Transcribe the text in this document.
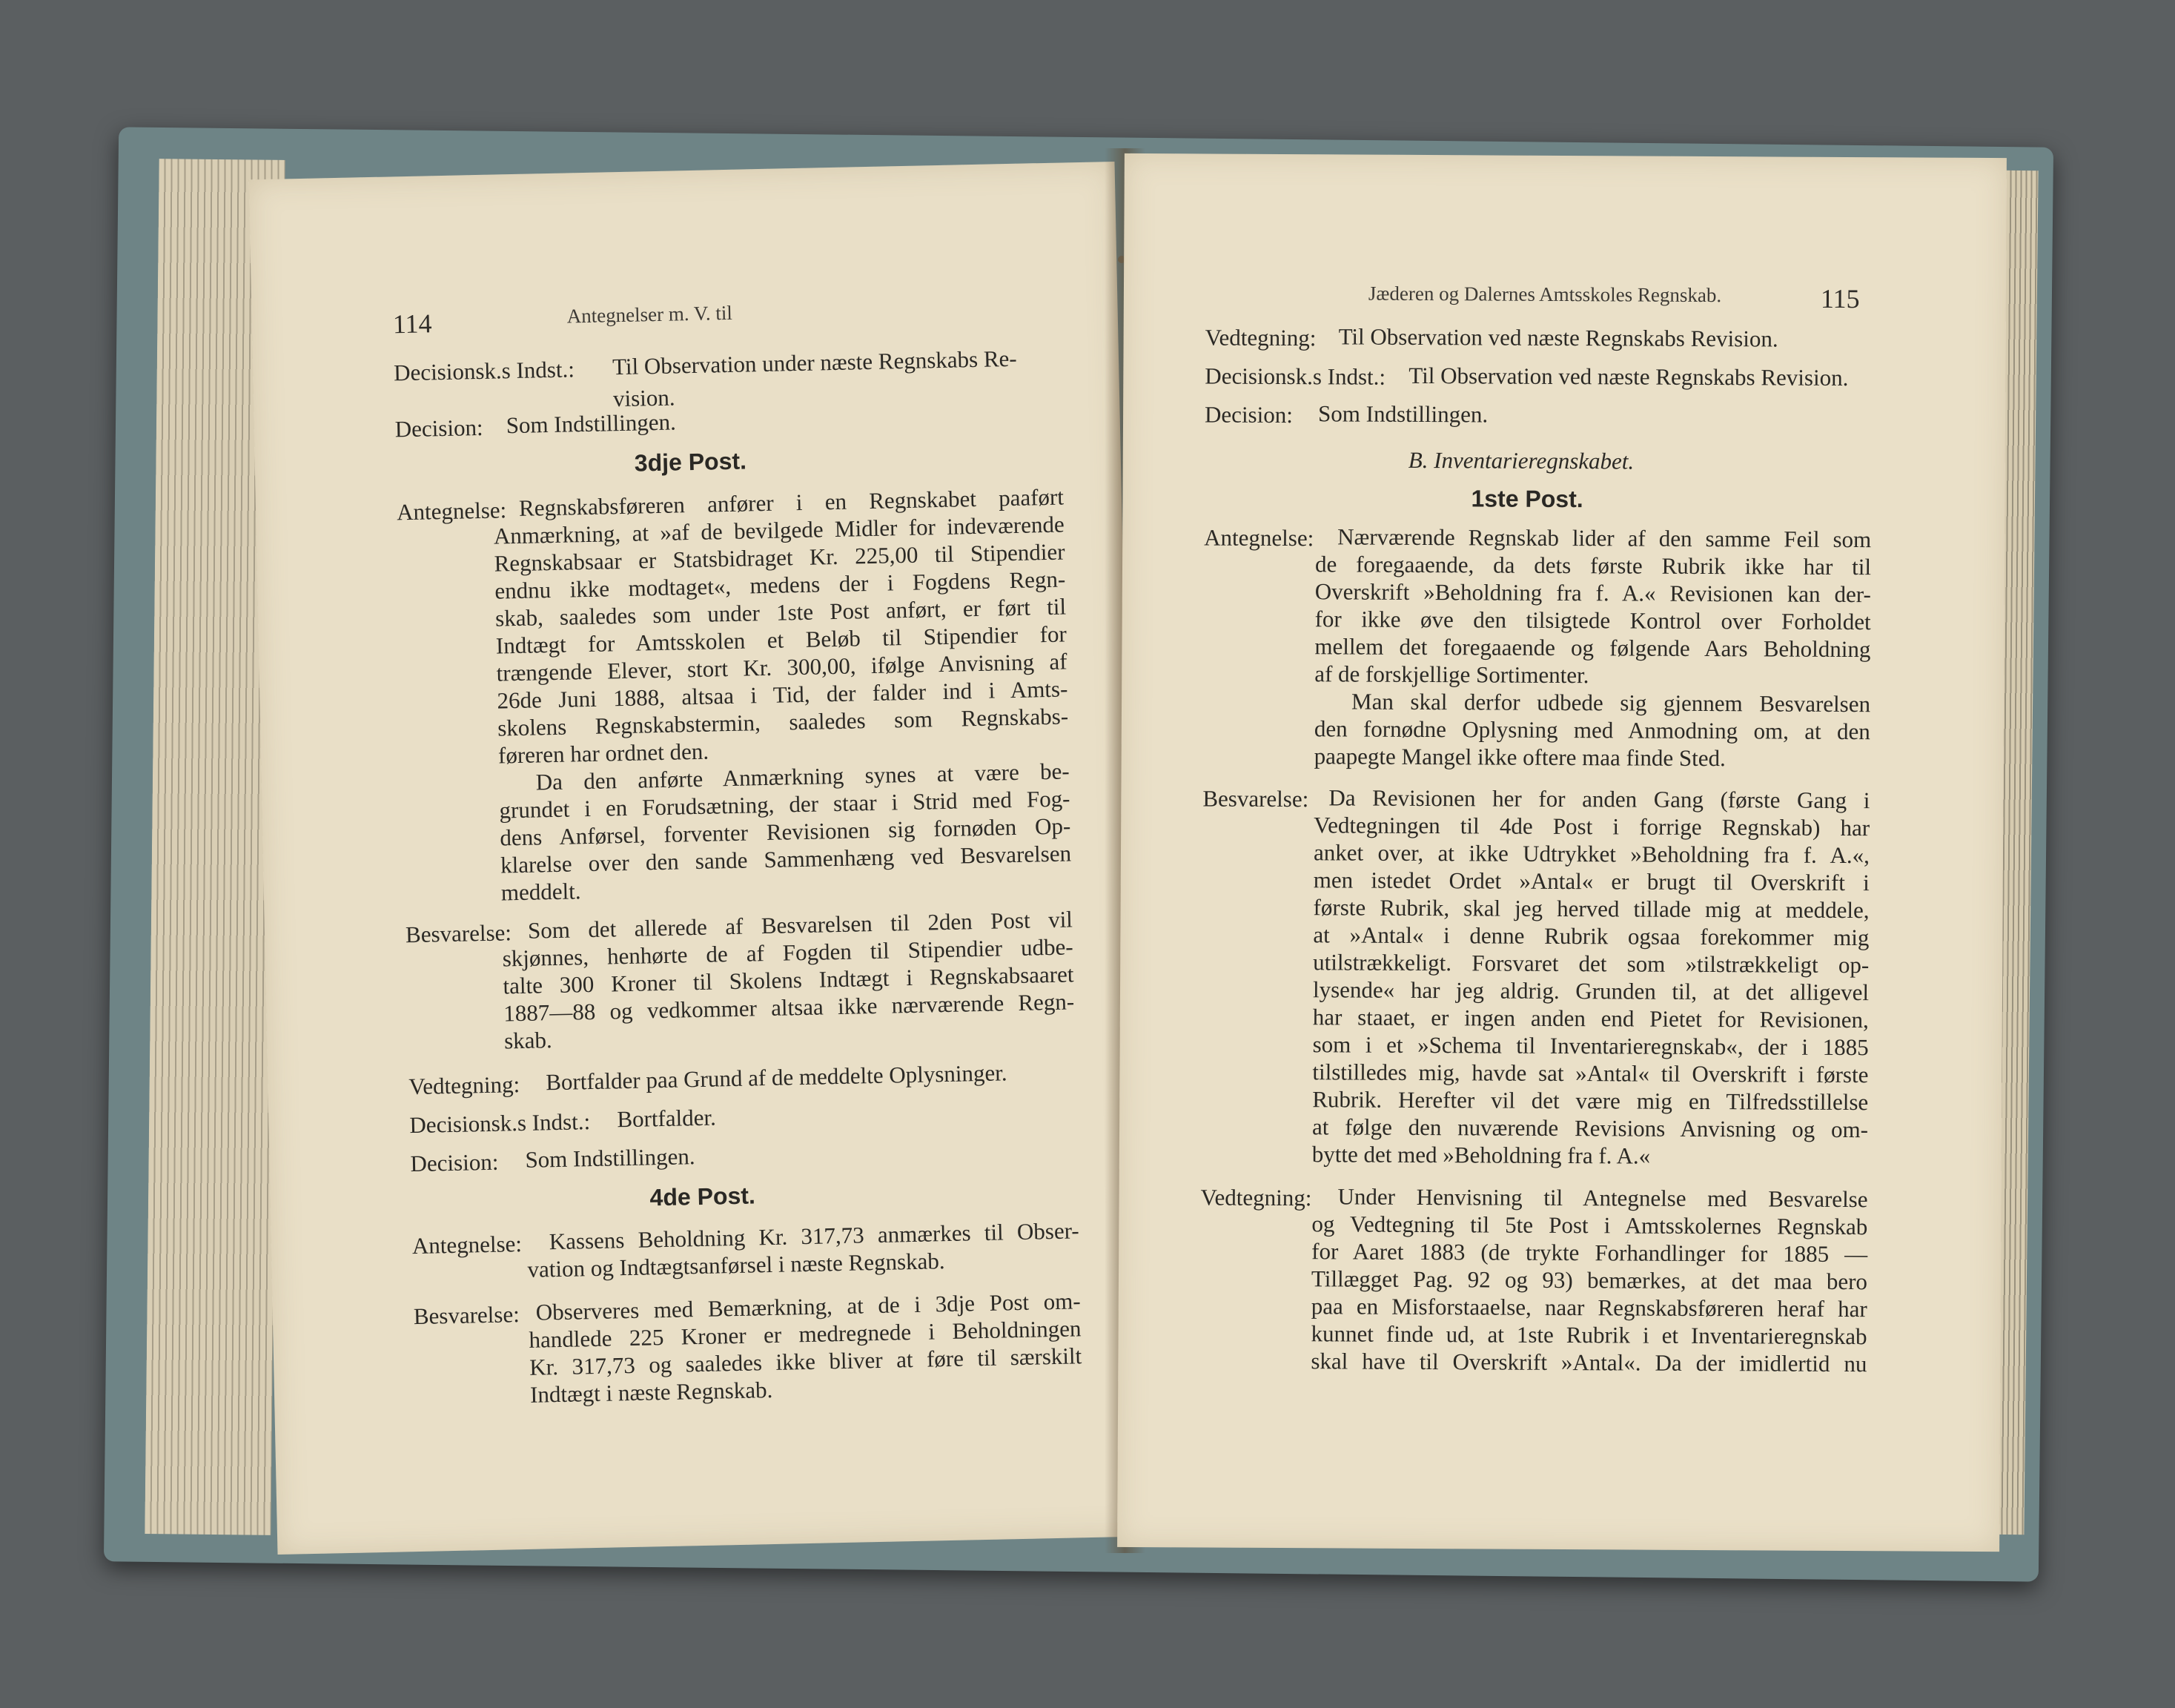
114	Antegnelser m. V. til
Decisionsk.s Indst.: Til Observation under næste Regnskabs Re-
vision.
Decision: Som Indstillingen.
3dje Post.
Antegnelse: Regnskabsføreren anfører i en Regnskabet paaført
Anmærkning, at »af de bevilgede Midler for indeværende
Regnskabsaar er Statsbidraget Kr. 225,00 til Stipendier
endnu ikke modtaget«, medens der i Fogdens Regn-
skab, saaledes som under 1ste Post anført, er ført til
Indtægt for Amtsskolen et Beløb til Stipendier for
trængende Elever, stort Kr. 300,00, ifølge Anvisning af
26de Juni 1888, altsaa i Tid, der falder ind i Amts-
skolens Regnskabstermin, saaledes som Regnskabs-
føreren har ordnet den.
Da den anførte Anmærkning synes at være be-
grundet i en Forudsætning, der staar i Strid med Fog-
dens Anførsel, forventer Revisionen sig fornøden Op-
klarelse over den sande Sammenhæng ved Besvarelsen
meddelt.
Besvarelse: Som det allerede af Besvarelsen til 2den Post vil
skjønnes, henhørte de af Fogden til Stipendier udbe-
talte 300 Kroner til Skolens Indtægt i Regnskabsaaret
1887—88 og vedkommer altsaa ikke nærværende Regn-
skab.
Vedtegning: Bortfalder paa Grund af de meddelte Oplysninger.
Decisionsk.s Indst.: Bortfalder.
Decision: Som Indstillingen.
4de Post.
Antegnelse: Kassens Beholdning Kr. 317,73 anmærkes til Obser-
vation og Indtægtsanførsel i næste Regnskab.
Besvarelse: Observeres med Bemærkning, at de i 3dje Post om-
handlede 225 Kroner er medregnede i Beholdningen
Kr. 317,73 og saaledes ikke bliver at føre til særskilt
Indtægt i næste Regnskab.
Jæderen og Dalernes Amtsskoles Regnskab.	115
Vedtegning: Til Observation ved næste Regnskabs Revision.
Decisionsk.s Indst.: Til Observation ved næste Regnskabs Revision.
Decision: Som Indstillingen.
B. Inventarieregnskabet.
1ste Post.
Antegnelse: Nærværende Regnskab lider af den samme Feil som
de foregaaende, da dets første Rubrik ikke har til
Overskrift »Beholdning fra f. A.« Revisionen kan der-
for ikke øve den tilsigtede Kontrol over Forholdet
mellem det foregaaende og følgende Aars Beholdning
af de forskjellige Sortimenter.
Man skal derfor udbede sig gjennem Besvarelsen
den fornødne Oplysning med Anmodning om, at den
paapegte Mangel ikke oftere maa finde Sted.
Besvarelse: Da Revisionen her for anden Gang (første Gang i
Vedtegningen til 4de Post i forrige Regnskab) har
anket over, at ikke Udtrykket »Beholdning fra f. A.«,
men istedet Ordet »Antal« er brugt til Overskrift i
første Rubrik, skal jeg herved tillade mig at meddele,
at »Antal« i denne Rubrik ogsaa forekommer mig
utilstrækkeligt. Forsvaret det som »tilstrækkeligt op-
lysende« har jeg aldrig. Grunden til, at det alligevel
har staaet, er ingen anden end Pietet for Revisionen,
som i et »Schema til Inventarieregnskab«, der i 1885
tilstilledes mig, havde sat »Antal« til Overskrift i første
Rubrik. Herefter vil det være mig en Tilfredsstillelse
at følge den nuværende Revisions Anvisning og om-
bytte det med »Beholdning fra f. A.«
Vedtegning: Under Henvisning til Antegnelse med Besvarelse
og Vedtegning til 5te Post i Amtsskolernes Regnskab
for Aaret 1883 (de trykte Forhandlinger for 1885 —
Tillægget Pag. 92 og 93) bemærkes, at det maa bero
paa en Misforstaaelse, naar Regnskabsføreren heraf har
kunnet finde ud, at 1ste Rubrik i et Inventarieregnskab
skal have til Overskrift »Antal«. Da der imidlertid nu
